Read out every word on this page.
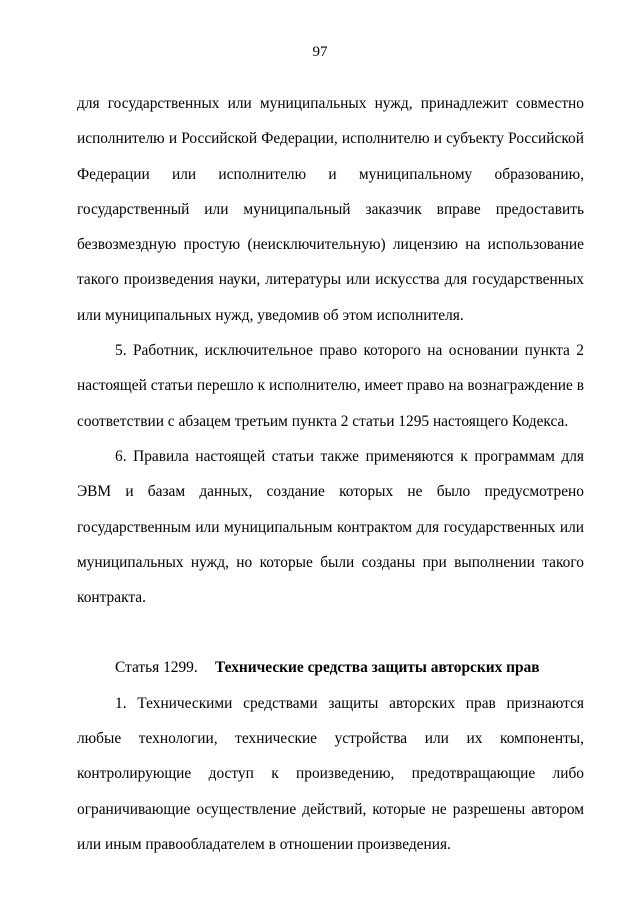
97
для государственных или муниципальных нужд, принадлежит совместно
исполнителю и Российской Федерации, исполнителю и субъекту Российской
Федерации или исполнителю и муниципальному образованию,
государственный или муниципальный заказчик вправе предоставить
безвозмездную простую (неисключительную) лицензию на использование
такого произведения науки, литературы или искусства для государственных
или муниципальных нужд, уведомив об этом исполнителя.
5. Работник, исключительное право которого на основании пункта 2
настоящей статьи перешло к исполнителю, имеет право на вознаграждение в
соответствии с абзацем третьим пункта 2 статьи 1295 настоящего Кодекса.
6. Правила настоящей статьи также применяются к программам для
ЭВМ и базам данных, создание которых не было предусмотрено
государственным или муниципальным контрактом для государственных или
муниципальных нужд, но которые были созданы при выполнении такого
контракта.
Статья 1299. Технические средства защиты авторских прав
1. Техническими средствами защиты авторских прав признаются
любые технологии, технические устройства или их компоненты,
контролирующие доступ к произведению, предотвращающие либо
ограничивающие осуществление действий, которые не разрешены автором
или иным правообладателем в отношении произведения.
